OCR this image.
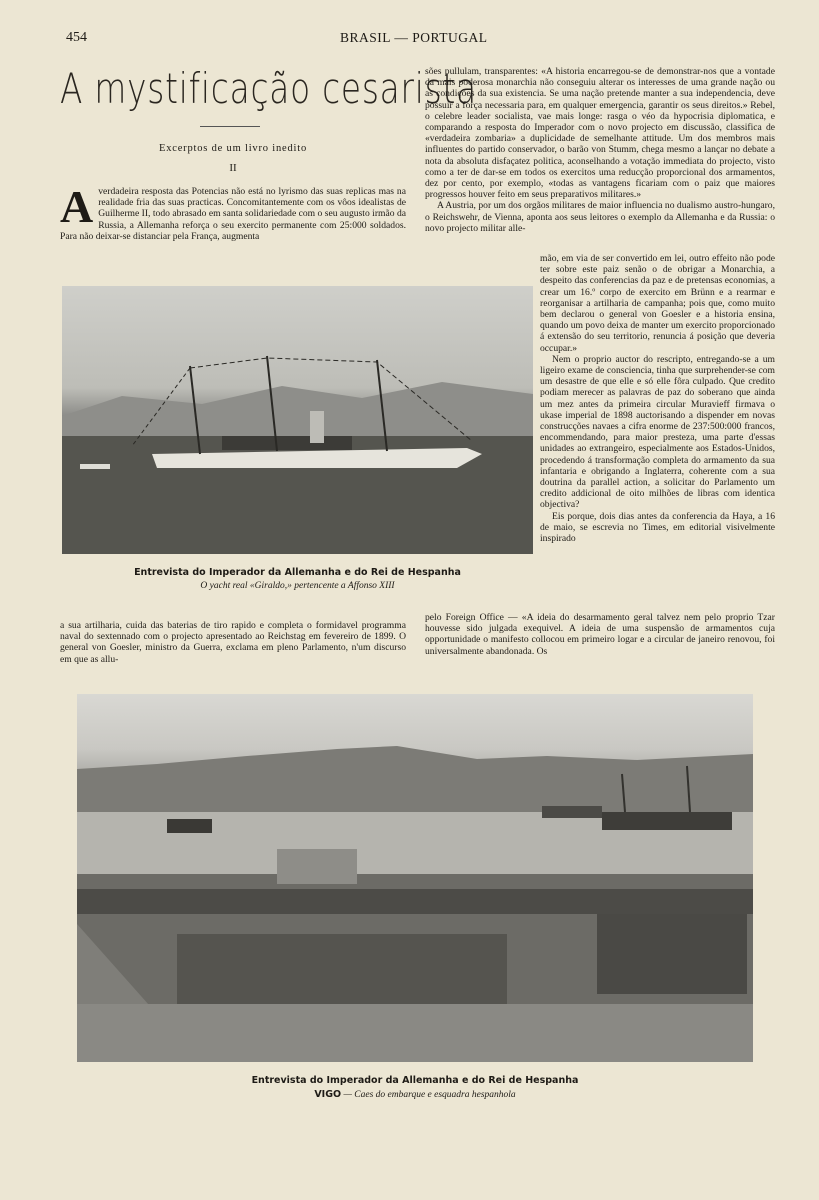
454	BRASIL — PORTUGAL
A mystificação cesarista
Excerptos de um livro inedito
II
A verdadeira resposta das Potencias não está no lyrismo das suas replicas mas na realidade fria das suas practicas. Concomitantemente com os vôos idealistas de Guilherme II, todo abrasado em santa solidariedade com o seu augusto irmão da Russia, a Allemanha reforça o seu exercito permanente com 25:000 soldados. Para não deixar-se distanciar pela França, augmenta

sões pullulam, transparentes: «A historia encarregou-se de demonstrar-nos que a vontade da mais poderosa monarchia não conseguiu alterar os interesses de uma grande nação ou as condições da sua existencia. Se uma nação pretende manter a sua independencia, deve possuir a força necessaria para, em qualquer emergencia, garantir os seus direitos.» Rebel, o celebre leader socialista, vae mais longe: rasga o véo da hypocrisia diplomatica, e comparando a resposta do Imperador com o novo projecto em discussão, classifica de «verdadeira zombaria» a duplicidade de semelhante attitude. Um dos membros mais influentes do partido conservador, o barão von Stumm, chega mesmo a lançar no debate a nota da absoluta disfaçatez politica, aconselhando a votação immediata do projecto, visto como a ter de dar-se em todos os exercitos uma reducção proporcional dos armamentos, dez por cento, por exemplo, «todas as vantagens ficariam com o paiz que maiores progressos houver feito em seus preparativos militares.»

A Austria, por um dos orgãos militares de maior influencia no dualismo austro-hungaro, o Reichswehr, de Vienna, aponta aos seus leitores o exemplo da Allemanha e da Russia: o novo projecto militar alle-

Entrevista do Imperador da Allemanha e do Rei de Hespanha
O yacht real «Giraldo,» pertencente a Affonso XIII

mão, em via de ser convertido em lei, outro effeito não pode ter sobre este paiz senão o de obrigar a Monarchia, a despeito das conferencias da paz e de pretensas economias, a crear um 16.º corpo de exercito em Brünn e a rearmar e reorganisar a artilharia de campanha; pois que, como muito bem declarou o general von Goesler e a historia ensina, quando um povo deixa de manter um exercito proporcionado á extensão do seu territorio, renuncia á posição que deveria occupar.»

Nem o proprio auctor do rescripto, entregando-se a um ligeiro exame de consciencia, tinha que surprehender-se com um desastre de que elle e só elle fôra culpado. Que credito podiam merecer as palavras de paz do soberano que ainda um mez antes da primeira circular Muravieff firmava o ukase imperial de 1898 auctorisando a dispender em novas construcções navaes a cifra enorme de 237:500:000 francos, encommendando, para maior presteza, uma parte d'essas unidades ao extrangeiro, especialmente aos Estados-Unidos, procedendo á transformação completa do armamento da sua infantaria e obrigando a Inglaterra, coherente com a sua doutrina da parallel action, a solicitar do Parlamento um credito addicional de oito milhões de libras com identica objectiva?

Eis porque, dois dias antes da conferencia da Haya, a 16 de maio, se escrevia no Times, em editorial visivelmente inspirado

a sua artilharia, cuida das baterias de tiro rapido e completa o formidavel programma naval do sextennado com o projecto apresentado ao Reichstag em fevereiro de 1899. O general von Goesler, ministro da Guerra, exclama em pleno Parlamento, n'um discurso em que as allu-

pelo Foreign Office — «A ideia do desarmamento geral talvez nem pelo proprio Tzar houvesse sido julgada exequivel. A ideia de uma suspensão de armamentos cuja opportunidade o manifesto collocou em primeiro logar e a circular de janeiro renovou, foi universalmente abandonada. Os

Entrevista do Imperador da Allemanha e do Rei de Hespanha
VIGO — Caes do embarque e esquadra hespanhola
